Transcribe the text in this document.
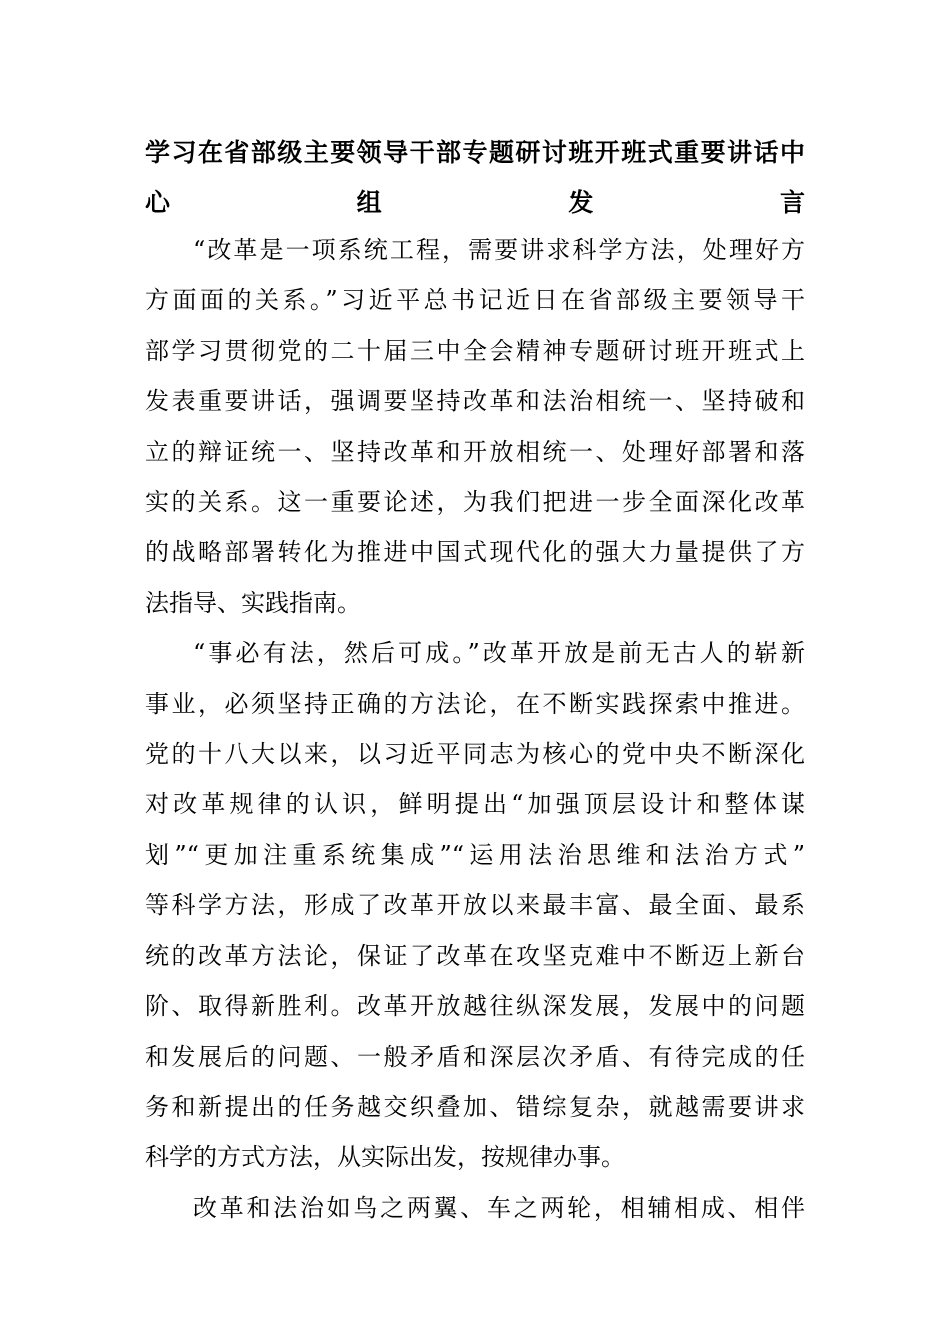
学习在省部级主要领导干部专题研讨班开班式重要讲话中
心组发言
“改革是一项系统工程，需要讲求科学方法，处理好方
方面面的关系。”习近平总书记近日在省部级主要领导干
部学习贯彻党的二十届三中全会精神专题研讨班开班式上
发表重要讲话，强调要坚持改革和法治相统一、坚持破和
立的辩证统一、坚持改革和开放相统一、处理好部署和落
实的关系。这一重要论述，为我们把进一步全面深化改革
的战略部署转化为推进中国式现代化的强大力量提供了方
法指导、实践指南。
“事必有法，然后可成。”改革开放是前无古人的崭新
事业，必须坚持正确的方法论，在不断实践探索中推进。
党的十八大以来，以习近平同志为核心的党中央不断深化
对改革规律的认识，鲜明提出“加强顶层设计和整体谋
划”“更加注重系统集成”“运用法治思维和法治方式”
等科学方法，形成了改革开放以来最丰富、最全面、最系
统的改革方法论，保证了改革在攻坚克难中不断迈上新台
阶、取得新胜利。改革开放越往纵深发展，发展中的问题
和发展后的问题、一般矛盾和深层次矛盾、有待完成的任
务和新提出的任务越交织叠加、错综复杂，就越需要讲求
科学的方式方法，从实际出发，按规律办事。
改革和法治如鸟之两翼、车之两轮，相辅相成、相伴
